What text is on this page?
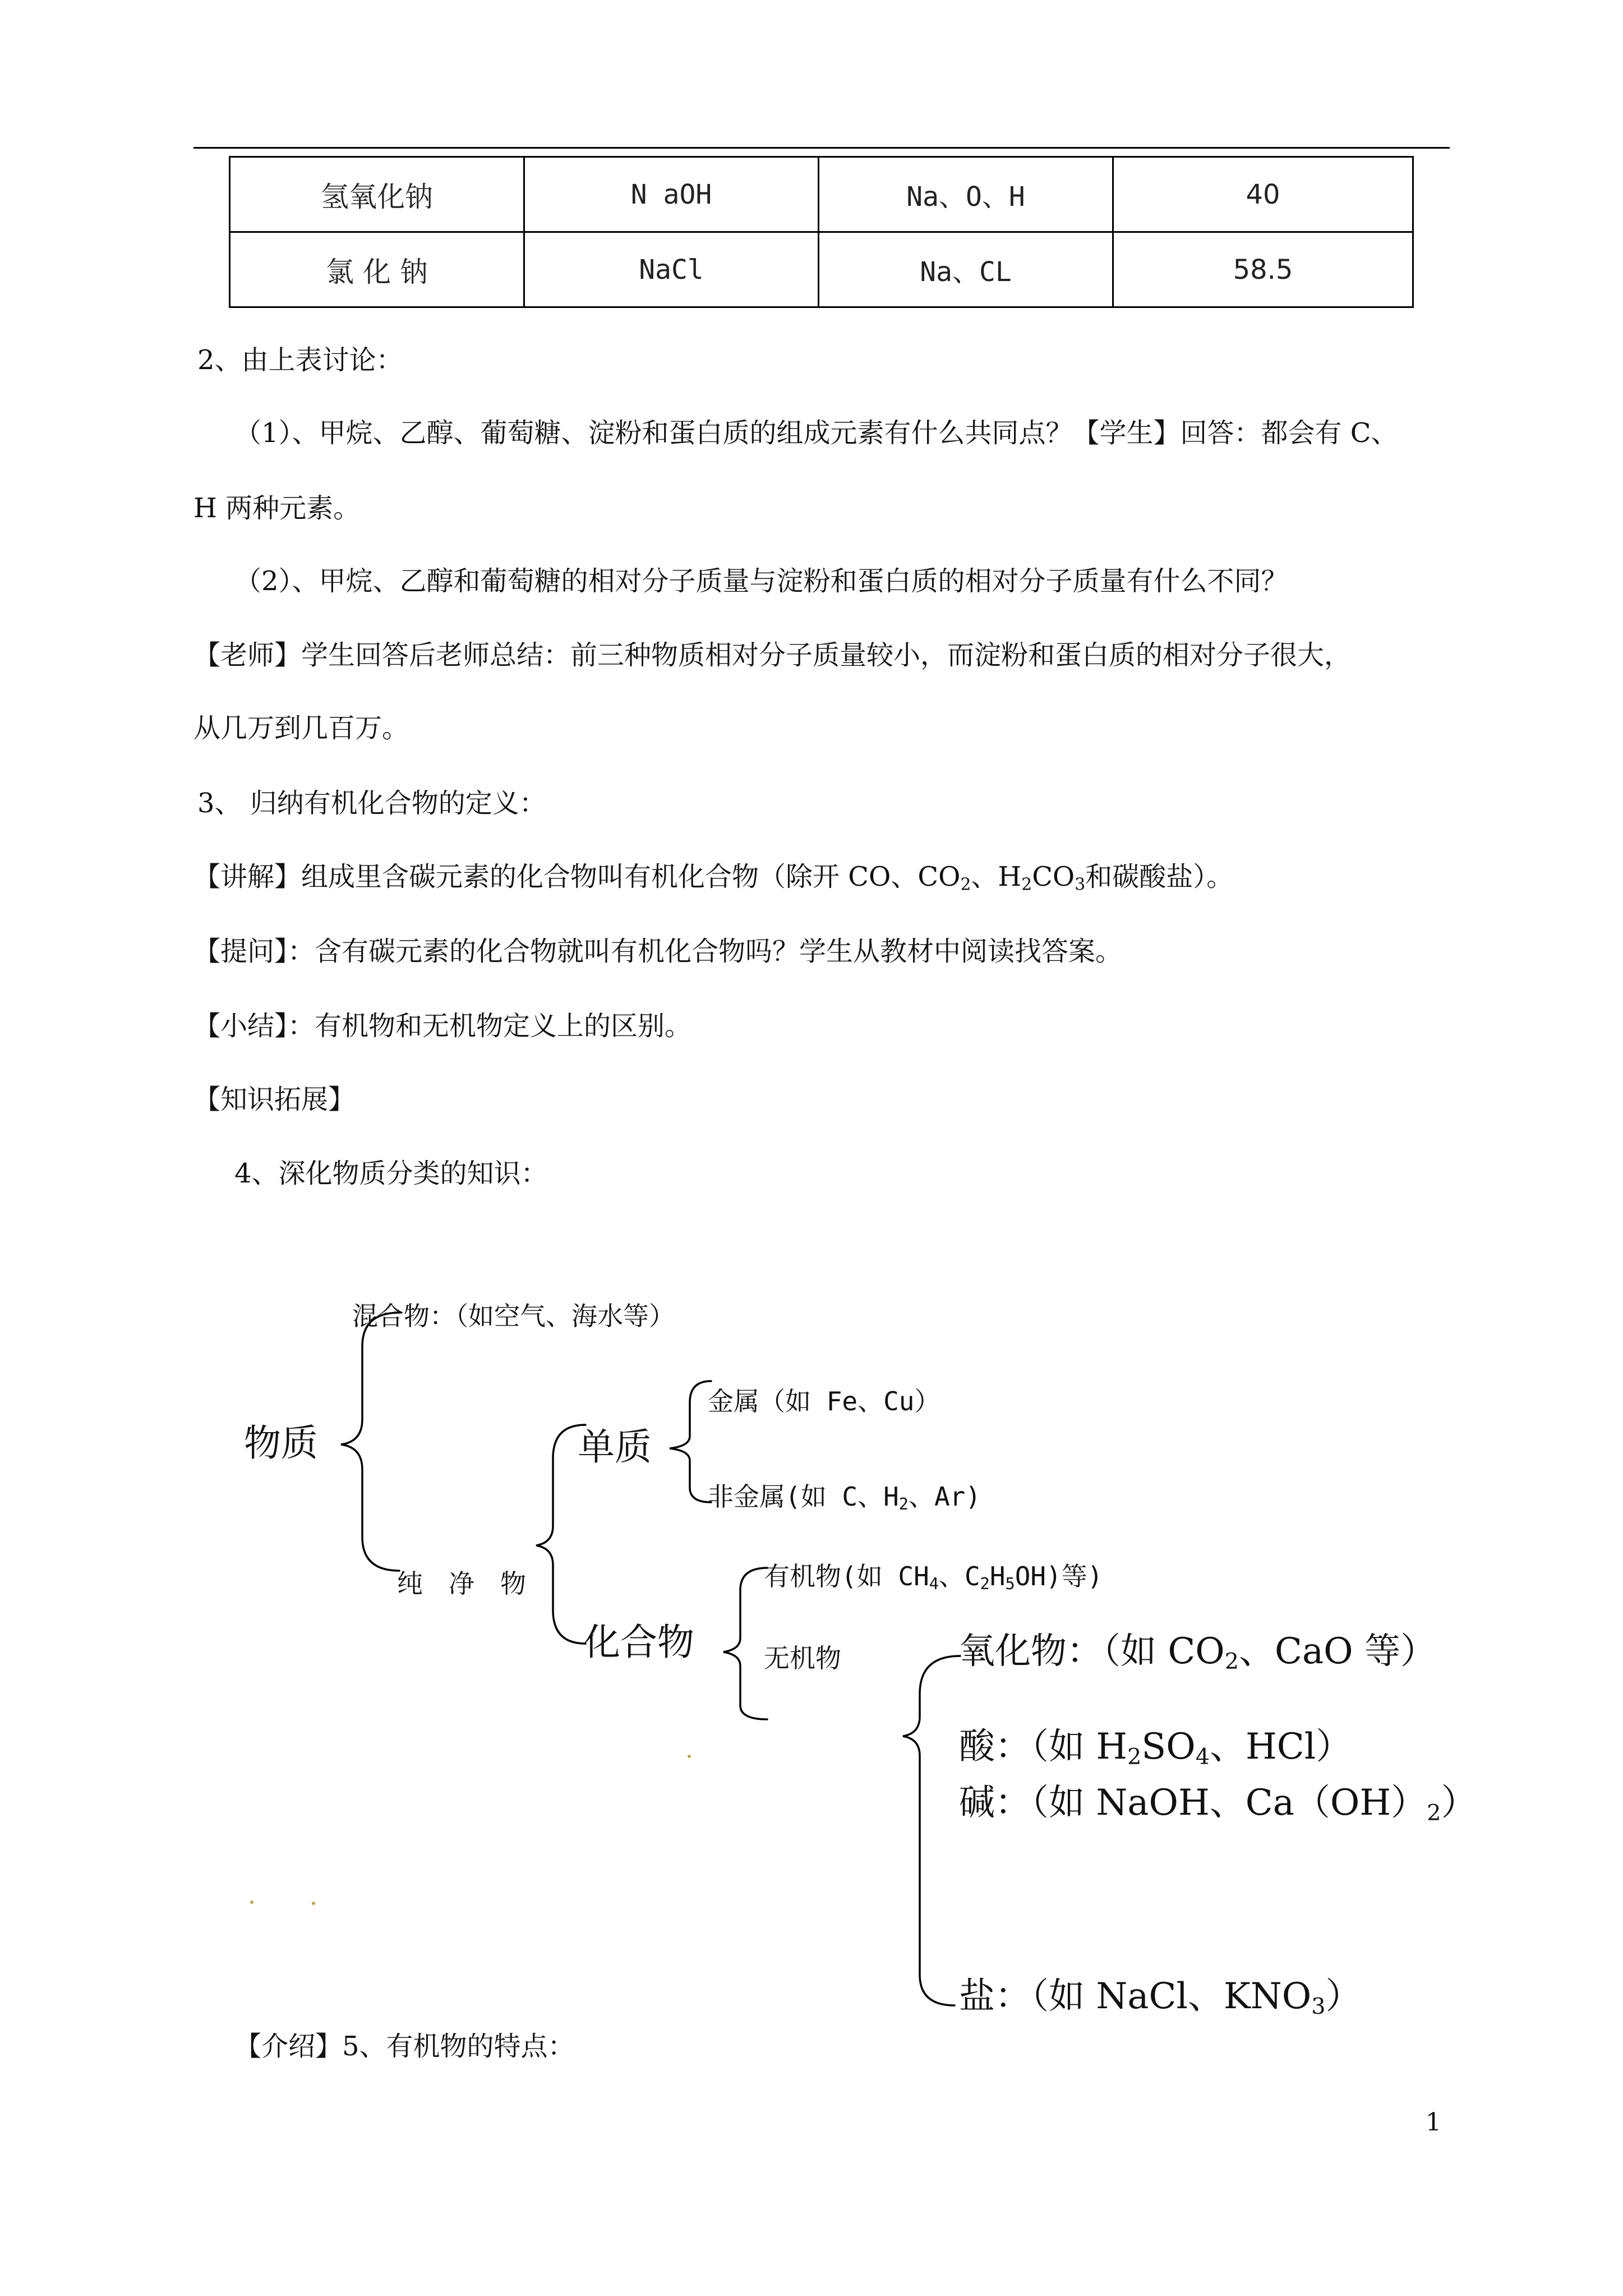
氢氧化钠	N aOH	Na、O、H	40
氯 化 钠	NaCl	Na、CL	58.5
2、由上表讨论：
（1）、甲烷、乙醇、葡萄糖、淀粉和蛋白质的组成元素有什么共同点？【学生】回答：都会有 C、
H 两种元素。
（2）、甲烷、乙醇和葡萄糖的相对分子质量与淀粉和蛋白质的相对分子质量有什么不同？
【老师】学生回答后老师总结：前三种物质相对分子质量较小，而淀粉和蛋白质的相对分子很大，
从几万到几百万。
3、 归纳有机化合物的定义：
【讲解】组成里含碳元素的化合物叫有机化合物（除开 CO、$CO_2$、$H_2CO_3$和碳酸盐）。
【提问】：含有碳元素的化合物就叫有机化合物吗？学生从教材中阅读找答案。
【小结】：有机物和无机物定义上的区别。
【知识拓展】
4、深化物质分类的知识：
混合物：（如空气、海水等）
物质
纯　净　物
单质
金属（如 Fe、Cu）
非金属(如 C、$H_2$、Ar)
化合物
有机物(如 $CH_4$、$C_2H_5OH$)等)
无机物	氧化物：（如 $CO_2$、CaO 等）
酸：（如 $H_2SO_4$、HCl）
碱：（如 NaOH、$Ca(OH)_2$）
盐：（如 NaCl、$KNO_3$）
【介绍】5、有机物的特点：
1
